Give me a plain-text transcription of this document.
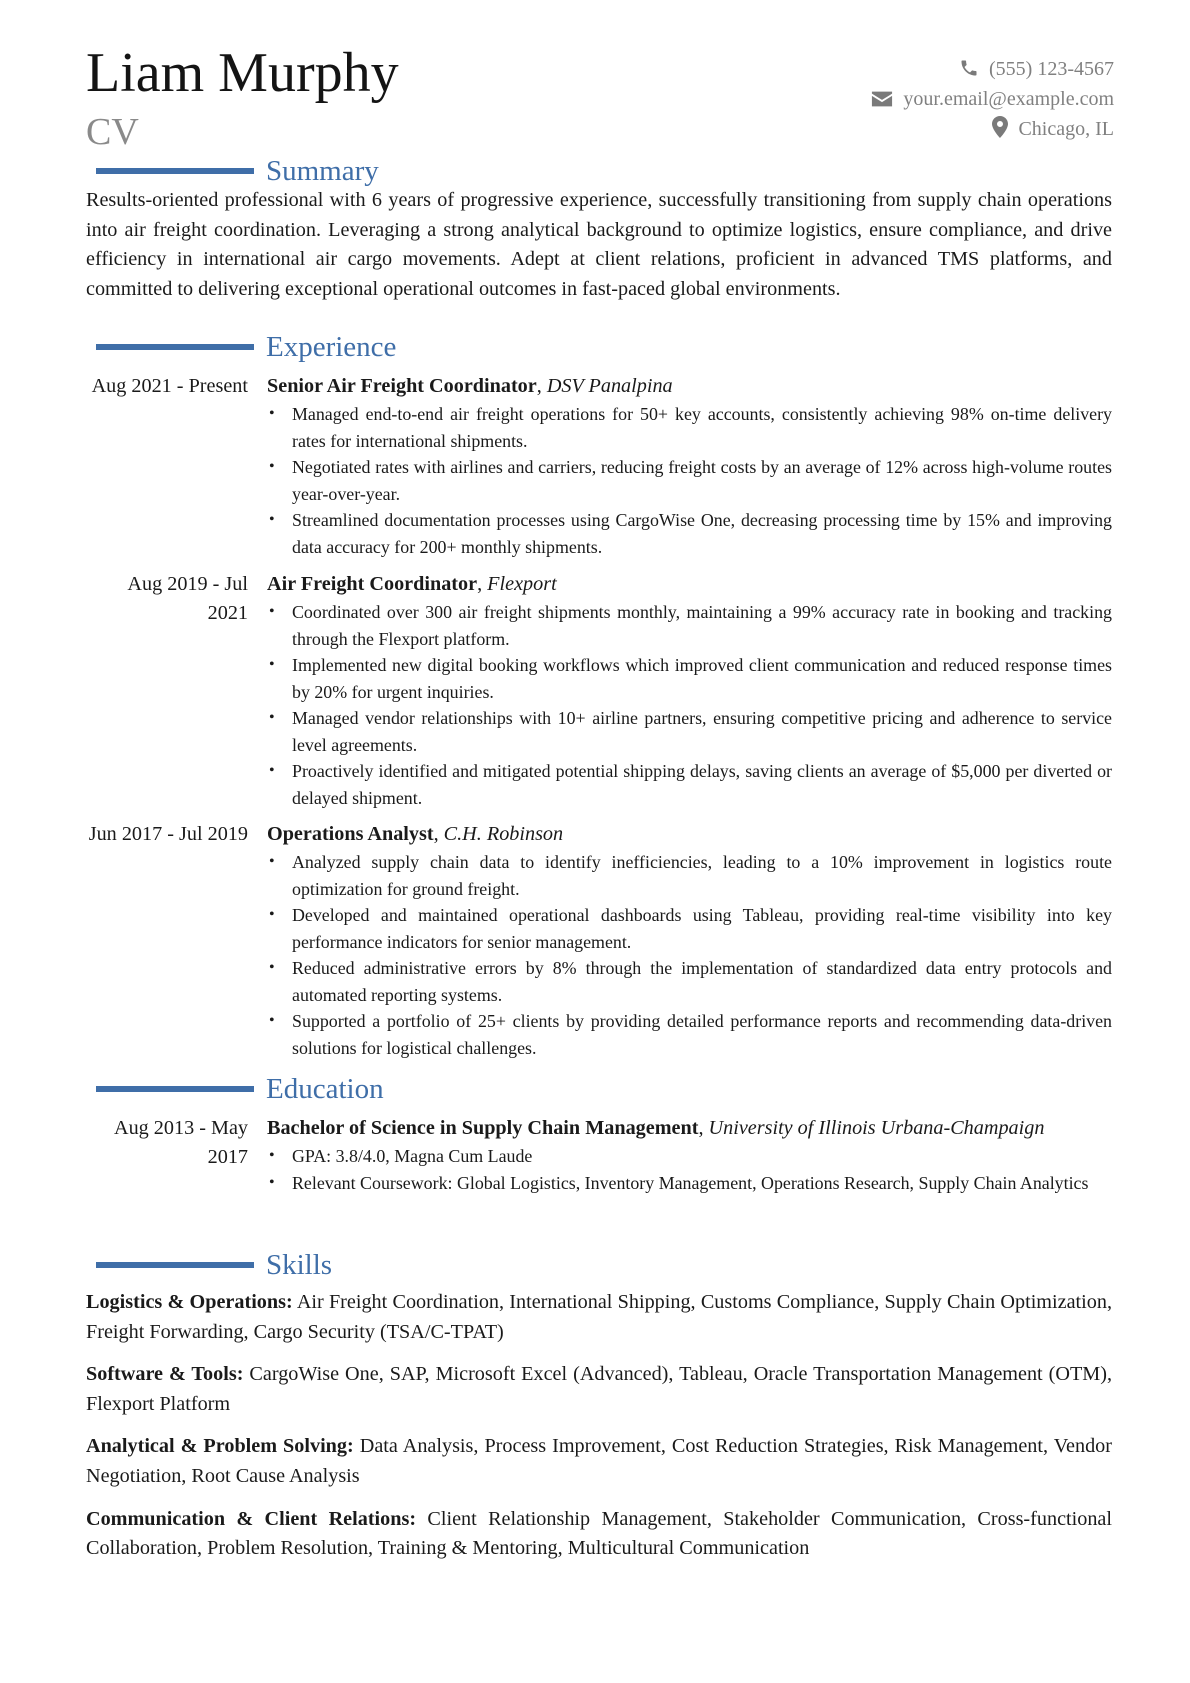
Liam Murphy
CV
(555) 123-4567
your.email@example.com
Chicago, IL
Summary
Results-oriented professional with 6 years of progressive experience, successfully transitioning from supply chain operations into air freight coordination. Leveraging a strong analytical background to optimize logistics, ensure compliance, and drive efficiency in international air cargo movements. Adept at client relations, proficient in advanced TMS platforms, and committed to delivering exceptional operational outcomes in fast-paced global environments.
Experience
Aug 2021 - Present Senior Air Freight Coordinator, DSV Panalpina
• Managed end-to-end air freight operations for 50+ key accounts, consistently achieving 98% on-time delivery rates for international shipments.
• Negotiated rates with airlines and carriers, reducing freight costs by an average of 12% across high-volume routes year-over-year.
• Streamlined documentation processes using CargoWise One, decreasing processing time by 15% and improving data accuracy for 200+ monthly shipments.
Aug 2019 - Jul 2021
Air Freight Coordinator, Flexport
• Coordinated over 300 air freight shipments monthly, maintaining a 99% accuracy rate in booking and tracking through the Flexport platform.
• Implemented new digital booking workflows which improved client communication and reduced response times by 20% for urgent inquiries.
• Managed vendor relationships with 10+ airline partners, ensuring competitive pricing and adherence to service level agreements.
• Proactively identified and mitigated potential shipping delays, saving clients an average of $5,000 per diverted or delayed shipment.
Jun 2017 - Jul 2019 Operations Analyst, C.H. Robinson
• Analyzed supply chain data to identify inefficiencies, leading to a 10% improvement in logistics route optimization for ground freight.
• Developed and maintained operational dashboards using Tableau, providing real-time visibility into key performance indicators for senior management.
• Reduced administrative errors by 8% through the implementation of standardized data entry protocols and automated reporting systems.
• Supported a portfolio of 25+ clients by providing detailed performance reports and recommending data-driven solutions for logistical challenges.
Education
Aug 2013 - May 2017
Bachelor of Science in Supply Chain Management, University of Illinois Urbana-Champaign
• GPA: 3.8/4.0, Magna Cum Laude
• Relevant Coursework: Global Logistics, Inventory Management, Operations Research, Supply Chain Analytics
Skills
Logistics & Operations: Air Freight Coordination, International Shipping, Customs Compliance, Supply Chain Optimization, Freight Forwarding, Cargo Security (TSA/C-TPAT)
Software & Tools: CargoWise One, SAP, Microsoft Excel (Advanced), Tableau, Oracle Transportation Management (OTM), Flexport Platform
Analytical & Problem Solving: Data Analysis, Process Improvement, Cost Reduction Strategies, Risk Management, Vendor Negotiation, Root Cause Analysis
Communication & Client Relations: Client Relationship Management, Stakeholder Communication, Cross-functional Collaboration, Problem Resolution, Training & Mentoring, Multicultural Communication
